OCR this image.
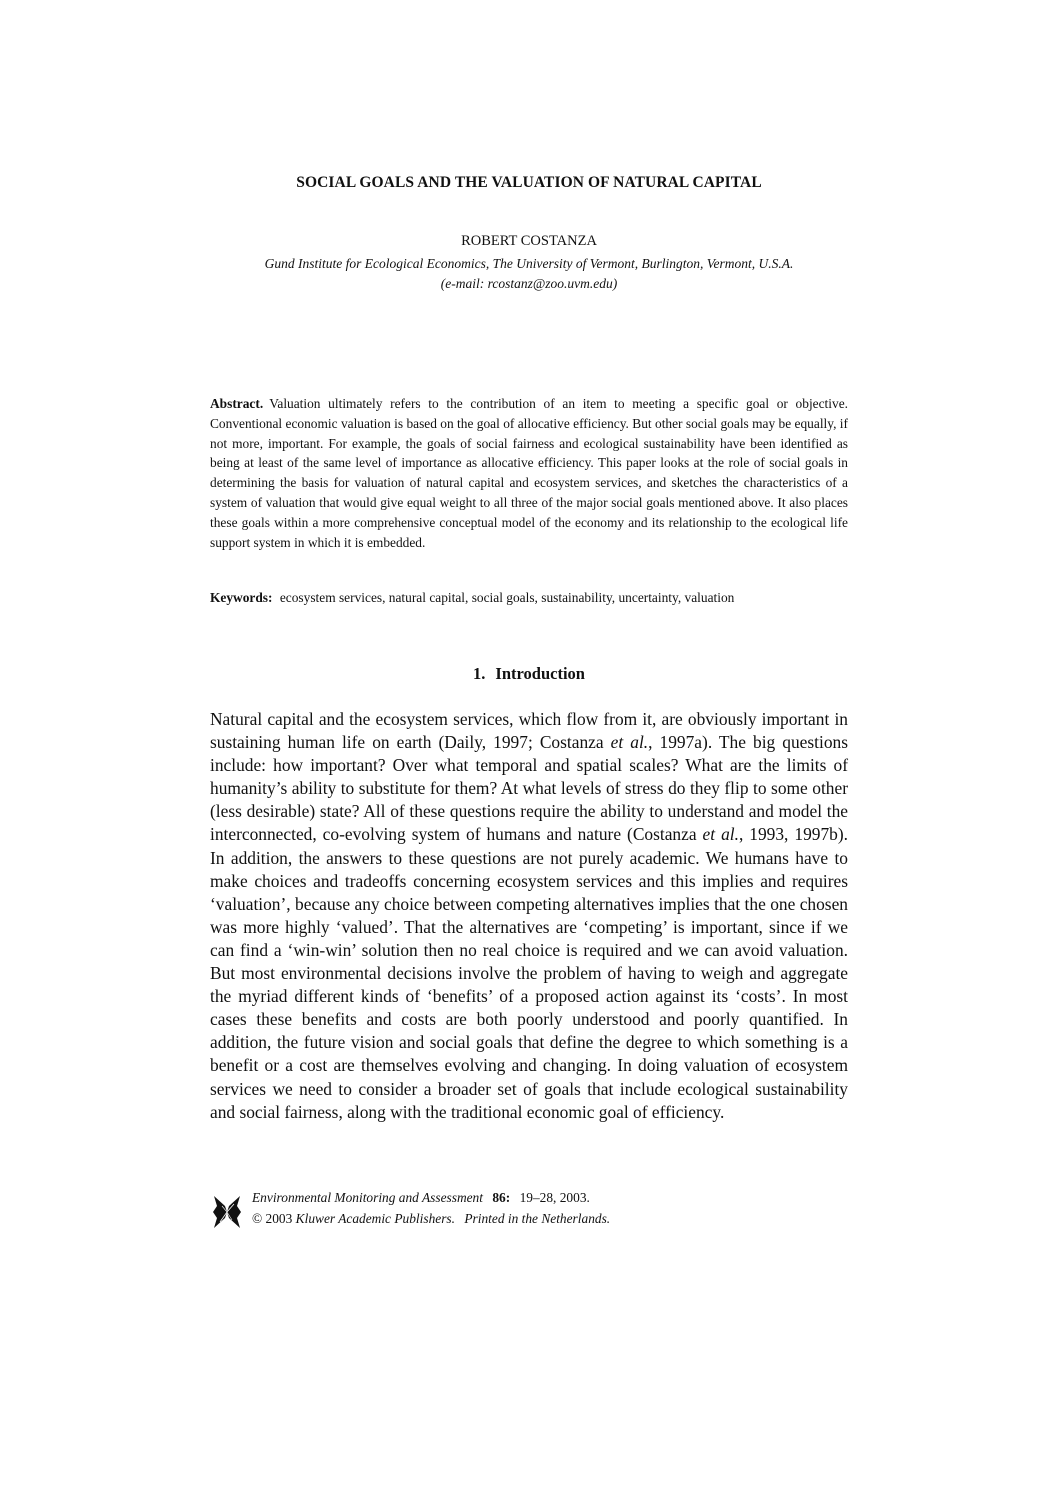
SOCIAL GOALS AND THE VALUATION OF NATURAL CAPITAL
ROBERT COSTANZA
Gund Institute for Ecological Economics, The University of Vermont, Burlington, Vermont, U.S.A.
(e-mail: rcostanz@zoo.uvm.edu)
Abstract. Valuation ultimately refers to the contribution of an item to meeting a specific goal or objective. Conventional economic valuation is based on the goal of allocative efficiency. But other social goals may be equally, if not more, important. For example, the goals of social fairness and ecological sustainability have been identified as being at least of the same level of importance as allocative efficiency. This paper looks at the role of social goals in determining the basis for valuation of natural capital and ecosystem services, and sketches the characteristics of a system of valuation that would give equal weight to all three of the major social goals mentioned above. It also places these goals within a more comprehensive conceptual model of the economy and its relationship to the ecological life support system in which it is embedded.
Keywords: ecosystem services, natural capital, social goals, sustainability, uncertainty, valuation
1. Introduction
Natural capital and the ecosystem services, which flow from it, are obviously important in sustaining human life on earth (Daily, 1997; Costanza et al., 1997a). The big questions include: how important? Over what temporal and spatial scales? What are the limits of humanity’s ability to substitute for them? At what levels of stress do they flip to some other (less desirable) state? All of these questions require the ability to understand and model the interconnected, co-evolving system of humans and nature (Costanza et al., 1993, 1997b). In addition, the answers to these questions are not purely academic. We humans have to make choices and tradeoffs concerning ecosystem services and this implies and requires ‘valuation’, because any choice between competing alternatives implies that the one chosen was more highly ‘valued’. That the alternatives are ‘competing’ is important, since if we can find a ‘win-win’ solution then no real choice is required and we can avoid valuation. But most environmental decisions involve the problem of having to weigh and aggregate the myriad different kinds of ‘benefits’ of a proposed action against its ‘costs’. In most cases these benefits and costs are both poorly understood and poorly quantified. In addition, the future vision and social goals that define the degree to which something is a benefit or a cost are themselves evolving and changing. In doing valuation of ecosystem services we need to consider a broader set of goals that include ecological sustainability and social fairness, along with the traditional economic goal of efficiency.
Environmental Monitoring and Assessment 86: 19–28, 2003.
© 2003 Kluwer Academic Publishers. Printed in the Netherlands.
